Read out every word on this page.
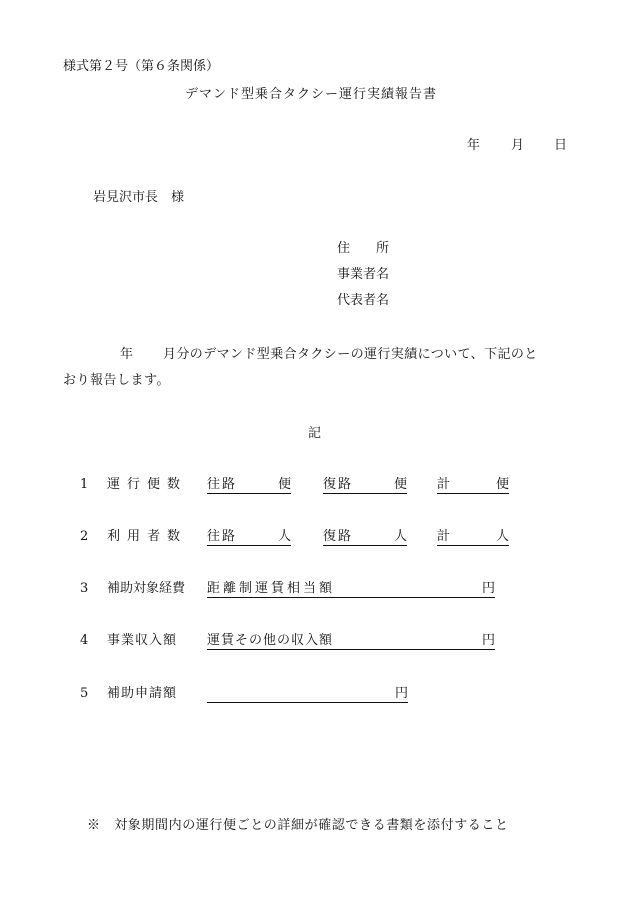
様式第２号（第６条関係）
デマンド型乗合タクシー運行実績報告書
年 月 日
岩見沢市長　様
住　　所
事業者名
代表者名
年 月分のデマンド型乗合タクシーの運行実績について、下記のと
おり報告します。
記
1 運行便数 往路	便 復路	便 計	便
2 利用者数 往路	人 復路	人 計	人
3 補助対象経費 距離制運賃相当額	円
4 事業収入額 運賃その他の収入額	円
5 補助申請額	円
※　対象期間内の運行便ごとの詳細が確認できる書類を添付すること
